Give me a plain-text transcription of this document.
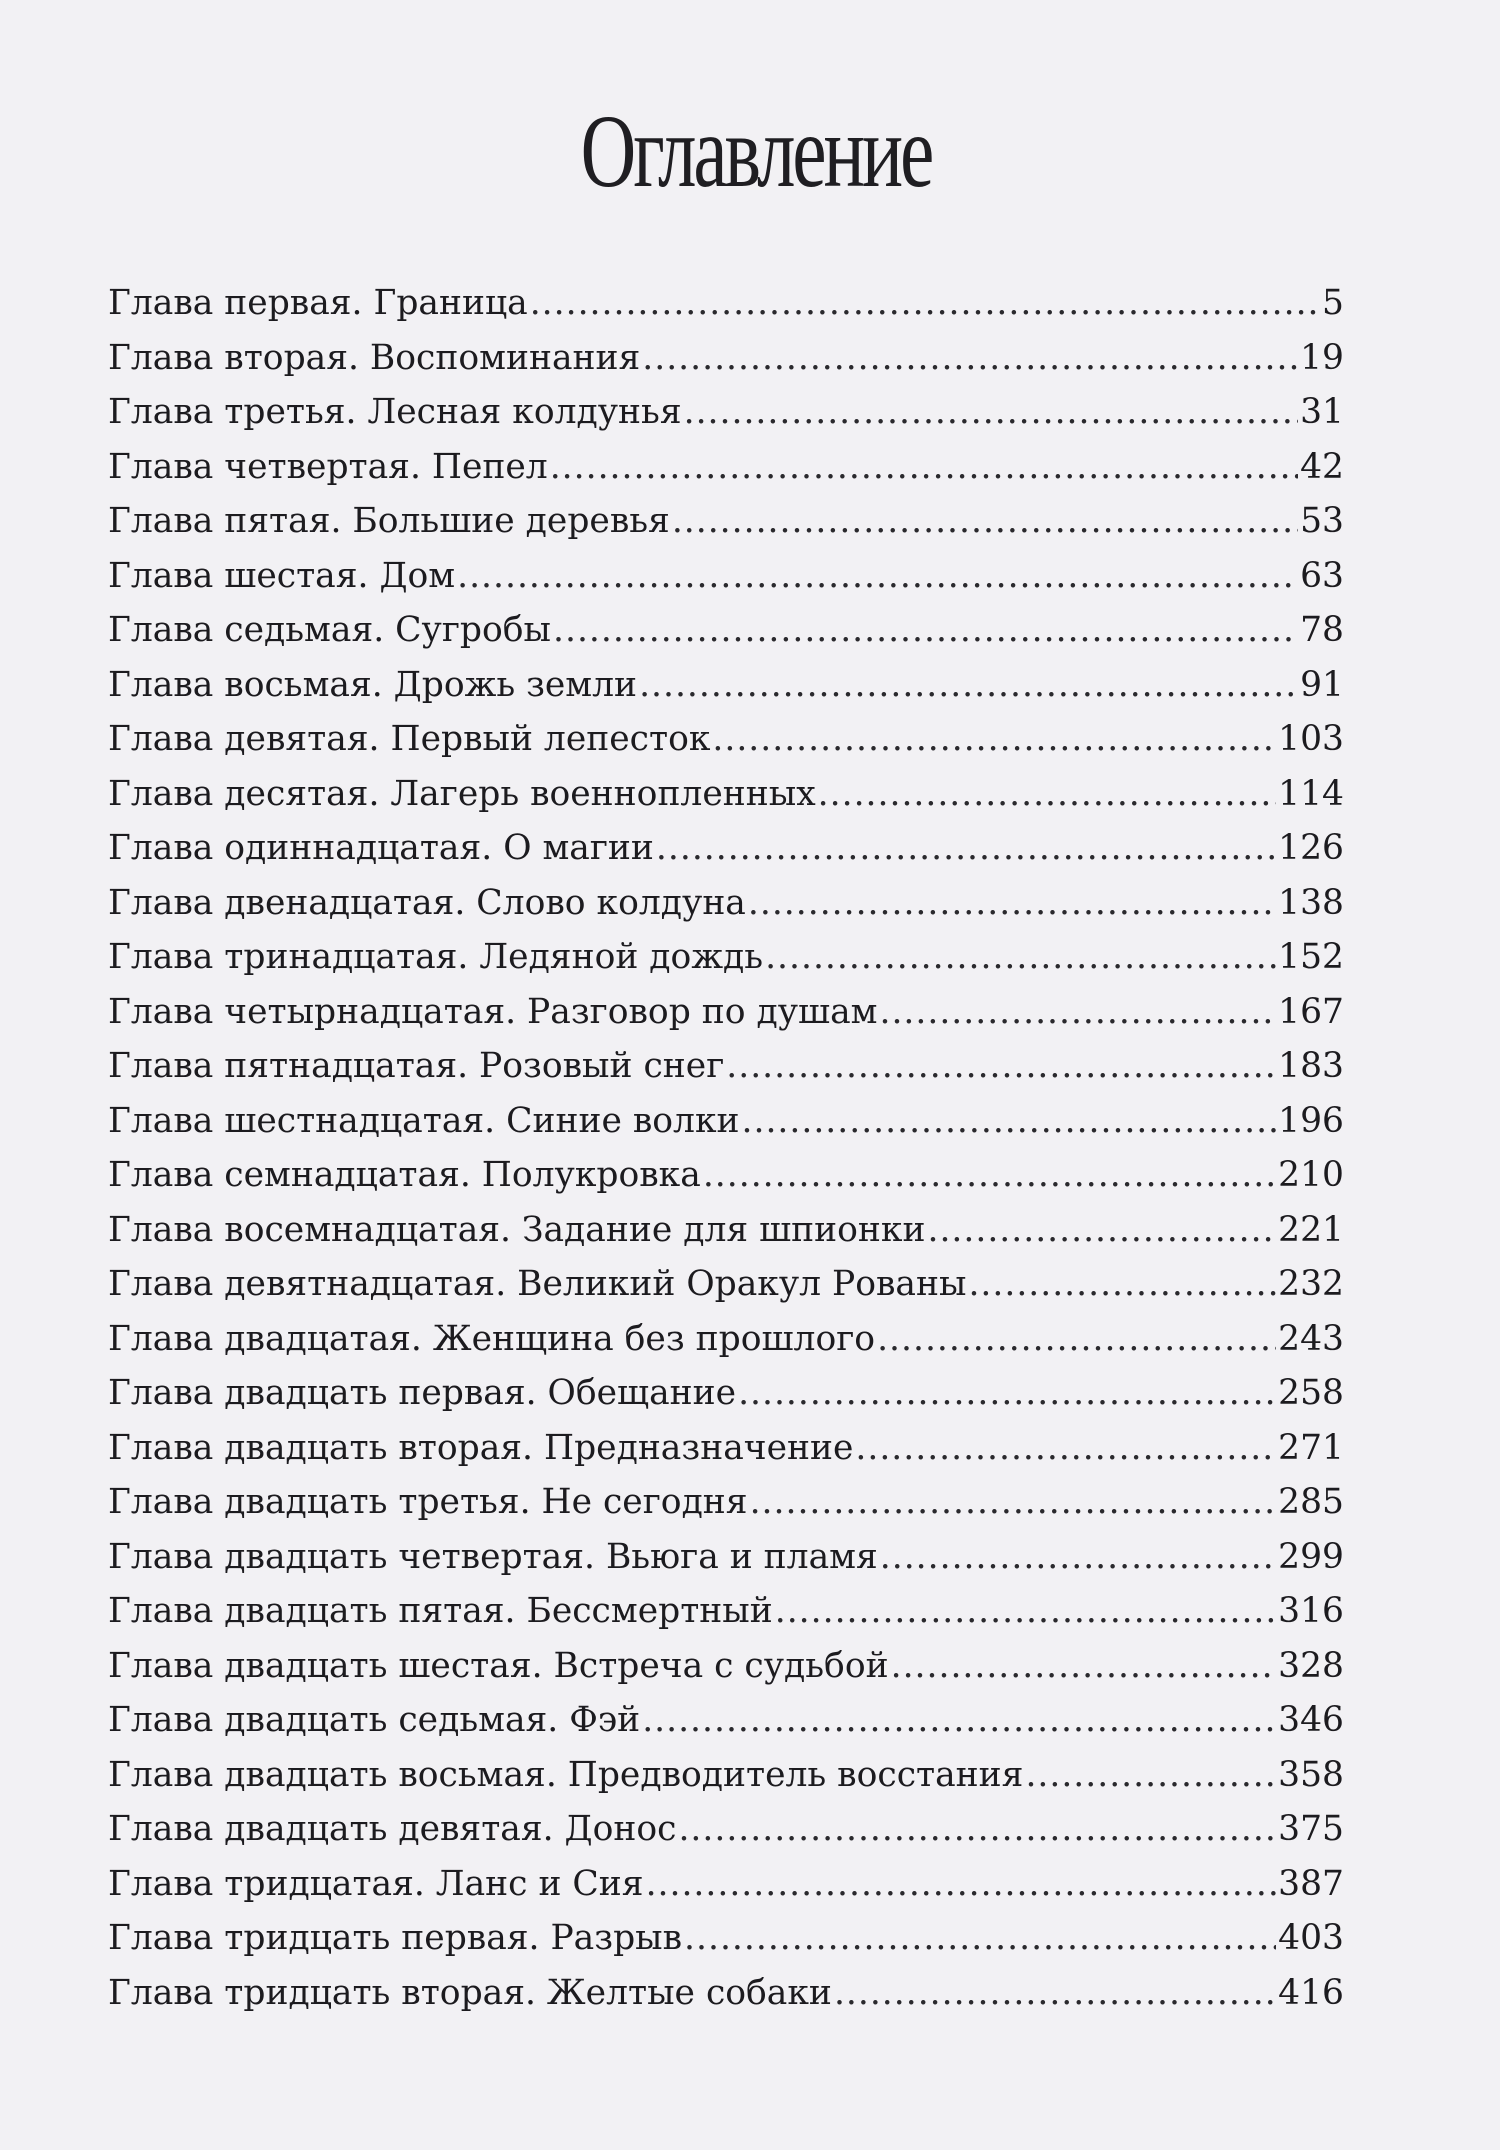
Оглавление
Глава первая. Граница .....	5
Глава вторая. Воспоминания .....	19
Глава третья. Лесная колдунья .....	31
Глава четвертая. Пепел .....	42
Глава пятая. Большие деревья .....	53
Глава шестая. Дом .....	63
Глава седьмая. Сугробы .....	78
Глава восьмая. Дрожь земли .....	91
Глава девятая. Первый лепесток .....	103
Глава десятая. Лагерь военнопленных .....	114
Глава одиннадцатая. О магии .....	126
Глава двенадцатая. Слово колдуна .....	138
Глава тринадцатая. Ледяной дождь .....	152
Глава четырнадцатая. Разговор по душам .....	167
Глава пятнадцатая. Розовый снег .....	183
Глава шестнадцатая. Синие волки .....	196
Глава семнадцатая. Полукровка .....	210
Глава восемнадцатая. Задание для шпионки .....	221
Глава девятнадцатая. Великий Оракул Рованы .....	232
Глава двадцатая. Женщина без прошлого .....	243
Глава двадцать первая. Обещание .....	258
Глава двадцать вторая. Предназначение .....	271
Глава двадцать третья. Не сегодня .....	285
Глава двадцать четвертая. Вьюга и пламя .....	299
Глава двадцать пятая. Бессмертный .....	316
Глава двадцать шестая. Встреча с судьбой .....	328
Глава двадцать седьмая. Фэй .....	346
Глава двадцать восьмая. Предводитель восстания .....	358
Глава двадцать девятая. Донос .....	375
Глава тридцатая. Ланс и Сия .....	387
Глава тридцать первая. Разрыв .....	403
Глава тридцать вторая. Желтые собаки .....	416
